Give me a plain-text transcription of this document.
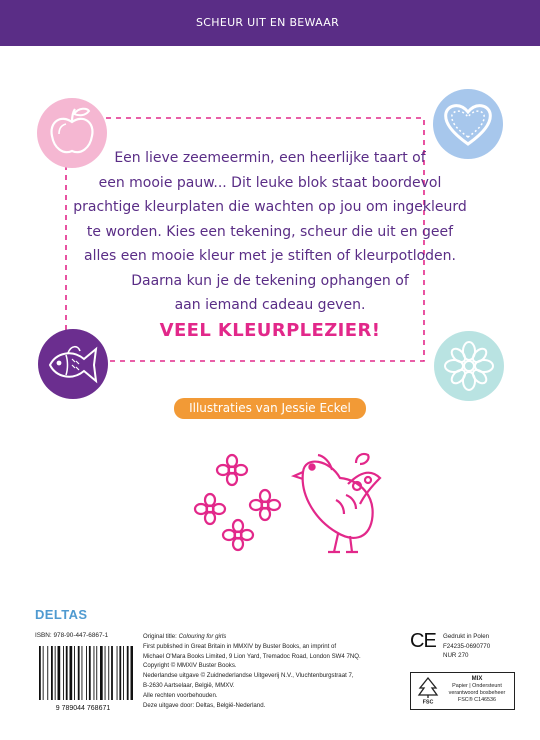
SCHEUR UIT EN BEWAAR
Een lieve zeemeermin, een heerlijke taart of
een mooie pauw... Dit leuke blok staat boordevol
prachtige kleurplaten die wachten op jou om ingekleurd
te worden. Kies een tekening, scheur die uit en geef
alles een mooie kleur met je stiften of kleurpotloden.
Daarna kun je de tekening ophangen of
aan iemand cadeau geven.
VEEL KLEURPLEZIER!
Illustraties van Jessie Eckel
DELTAS
ISBN: 978-90-447-6867-1
9 789044 768671
Original title: Colouring for girls
First published in Great Britain in MMXIV by Buster Books, an imprint of
Michael O'Mara Books Limited, 9 Lion Yard, Tremadoc Road, London SW4 7NQ.
Copyright © MMXIV Buster Books.
Nederlandse uitgave © Zuidnederlandse Uitgeverij N.V., Vluchtenburgstraat 7,
B-2630 Aartselaar, België, MMXV.
Alle rechten voorbehouden.
Deze uitgave door: Deltas, België-Nederland.
CE Gedrukt in Polen
F24235-0690770
NUR 270
FSC
MIX
Papier | Ondersteunt
verantwoord bosbeheer
FSC® C146536
